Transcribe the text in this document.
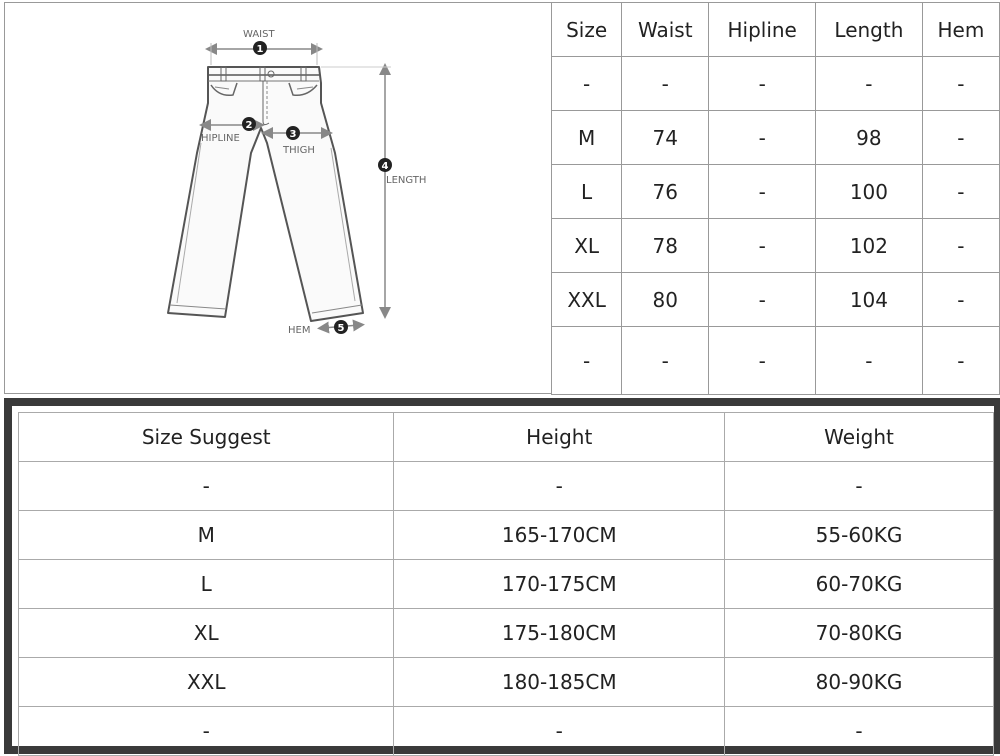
1
2
3
4
5
WAIST
HIPLINE
THIGH
LENGTH
HEM
Size	Waist	Hipline	Length	Hem
-	-	-	-	-
M	74	-	98	-
L	76	-	100	-
XL	78	-	102	-
XXL	80	-	104	-
-	-	-	-	-
Size Suggest	Height	Weight
-	-	-
M	165-170CM	55-60KG
L	170-175CM	60-70KG
XL	175-180CM	70-80KG
XXL	180-185CM	80-90KG
-	-	-
